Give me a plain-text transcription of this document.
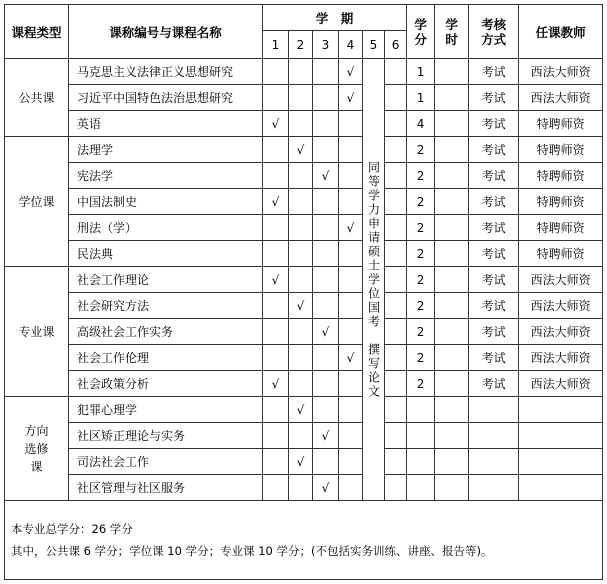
课程类型	课称编号与课程名称	学　期						学分	学时	考核方式	任课教师
		1	2	3	4	5	6				
公共课	马克思主义法律正义思想研究				√	同等学力申请硕士学位国考　撰写论文		1		考试	西法大师资
	习近平中国特色法治思想研究				√			1		考试	西法大师资
	英语	√						4		考试	特聘师资
学位课	法理学		√					2		考试	特聘师资
	宪法学			√				2		考试	特聘师资
	中国法制史	√						2		考试	特聘师资
	刑法（学）				√			2		考试	特聘师资
	民法典							2		考试	特聘师资
专业课	社会工作理论	√						2		考试	西法大师资
	社会研究方法		√					2		考试	西法大师资
	高级社会工作实务			√				2		考试	西法大师资
	社会工作伦理				√			2		考试	西法大师资
	社会政策分析	√						2		考试	西法大师资
方向选修课	犯罪心理学		√								
	社区矫正理论与实务			√							
	司法社会工作		√								
	社区管理与社区服务			√							

本专业总学分：26 学分
其中，公共课 6 学分；学位课 10 学分；专业课 10 学分；(不包括实务训练、讲座、报告等)。											
